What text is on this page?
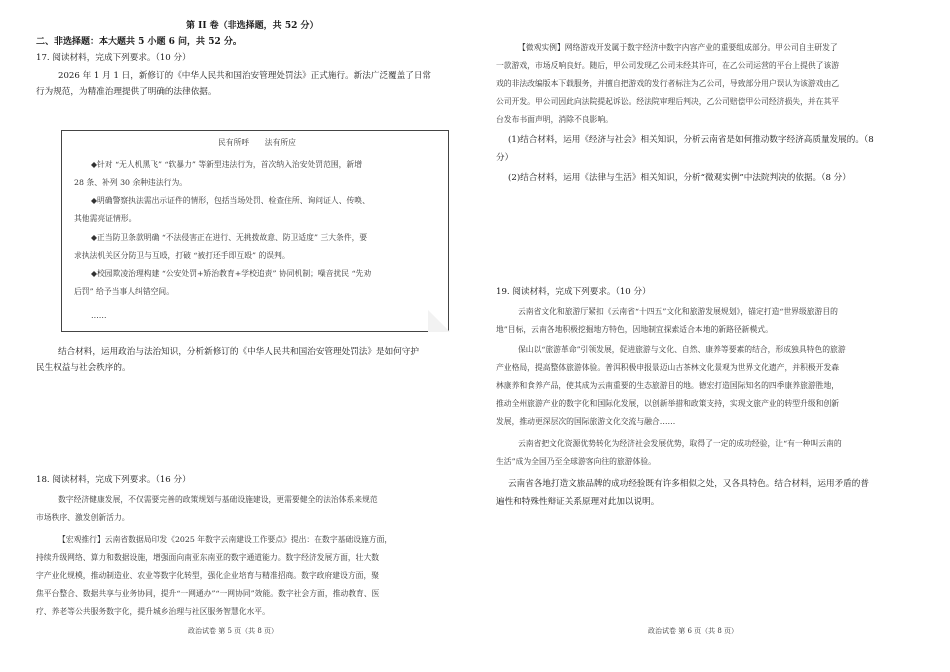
第 II 卷（非选择题，共 52 分）
二、非选择题：本大题共 5 小题 6 问，共 52 分。
17. 阅读材料，完成下列要求。（10 分）
2026 年 1 月 1 日，新修订的《中华人民共和国治安管理处罚法》正式施行。新法广泛覆盖了日常
行为规范，为精准治理提供了明确的法律依据。
民有所呼　　法有所应
◆针对 “无人机黑飞” “软暴力” 等新型违法行为，首次纳入治安处罚范围，新增
28 条、补列 30 余种违法行为。
◆明确警察执法需出示证件的情形，包括当场处罚、检查住所、询问证人、传唤、
其他需亮证情形。
◆正当防卫条款明确 “不法侵害正在进行、无挑拨故意、防卫适度” 三大条件，要
求执法机关区分防卫与互殴，打破 “被打还手即互殴” 的误判。
◆校园欺凌治理构建 “公安处罚+矫治教育+学校追责” 协同机制；噪音扰民 “先劝
后罚” 给予当事人纠错空间。
……
结合材料，运用政治与法治知识，分析新修订的《中华人民共和国治安管理处罚法》是如何守护
民生权益与社会秩序的。
18. 阅读材料，完成下列要求。（16 分）
数字经济健康发展，不仅需要完善的政策规划与基础设施建设，更需要健全的法治体系来规范
市场秩序、激发创新活力。
【宏观推行】云南省数据局印发《2025 年数字云南建设工作要点》提出：在数字基础设施方面，
持续升级网络、算力和数据设施，增强面向南亚东南亚的数字通道能力。数字经济发展方面，壮大数
字产业化规模，推动制造业、农业等数字化转型，强化企业培育与精准招商。数字政府建设方面，聚
焦平台整合、数据共享与业务协同，提升“一网通办”“一网协同”效能。数字社会方面，推动教育、医
疗、养老等公共服务数字化，提升城乡治理与社区服务智慧化水平。
政治试卷 第 5 页（共 8 页）
【微观实例】网络游戏开发属于数字经济中数字内容产业的重要组成部分。甲公司自主研发了
一款游戏，市场反响良好。随后，甲公司发现乙公司未经其许可，在乙公司运营的平台上提供了该游
戏的非法改编版本下载服务，并擅自把游戏的发行者标注为乙公司，导致部分用户误认为该游戏由乙
公司开发。甲公司因此向法院提起诉讼。经法院审理后判决，乙公司赔偿甲公司经济损失，并在其平
台发布书面声明，消除不良影响。
(1)结合材料，运用《经济与社会》相关知识，分析云南省是如何推动数字经济高质量发展的。（8
分）
(2)结合材料，运用《法律与生活》相关知识，分析“微观实例”中法院判决的依据。（8 分）
19. 阅读材料，完成下列要求。（10 分）
云南省文化和旅游厅紧扣《云南省“十四五”文化和旅游发展规划》，锚定打造“世界级旅游目的
地”目标，云南各地积极挖掘地方特色，因地制宜探索适合本地的新路径新模式。
保山以“旅游革命”引领发展，促进旅游与文化、自然、康养等要素的结合，形成独具特色的旅游
产业格局，提高整体旅游体验。普洱积极申报景迈山古茶林文化景观为世界文化遗产，并积极开发森
林康养和食养产品，使其成为云南重要的生态旅游目的地。德宏打造国际知名的四季康养旅游胜地，
推动全州旅游产业的数字化和国际化发展，以创新举措和政策支持，实现文旅产业的转型升级和创新
发展，推动更深层次的国际旅游文化交流与融合……
云南省把文化资源优势转化为经济社会发展优势，取得了一定的成功经验，让“有一种叫云南的
生活”成为全国乃至全球游客向往的旅游体验。
云南省各地打造文旅品牌的成功经验既有许多相似之处，又各具特色。结合材料，运用矛盾的普
遍性和特殊性辩证关系原理对此加以说明。
政治试卷 第 6 页（共 8 页）
